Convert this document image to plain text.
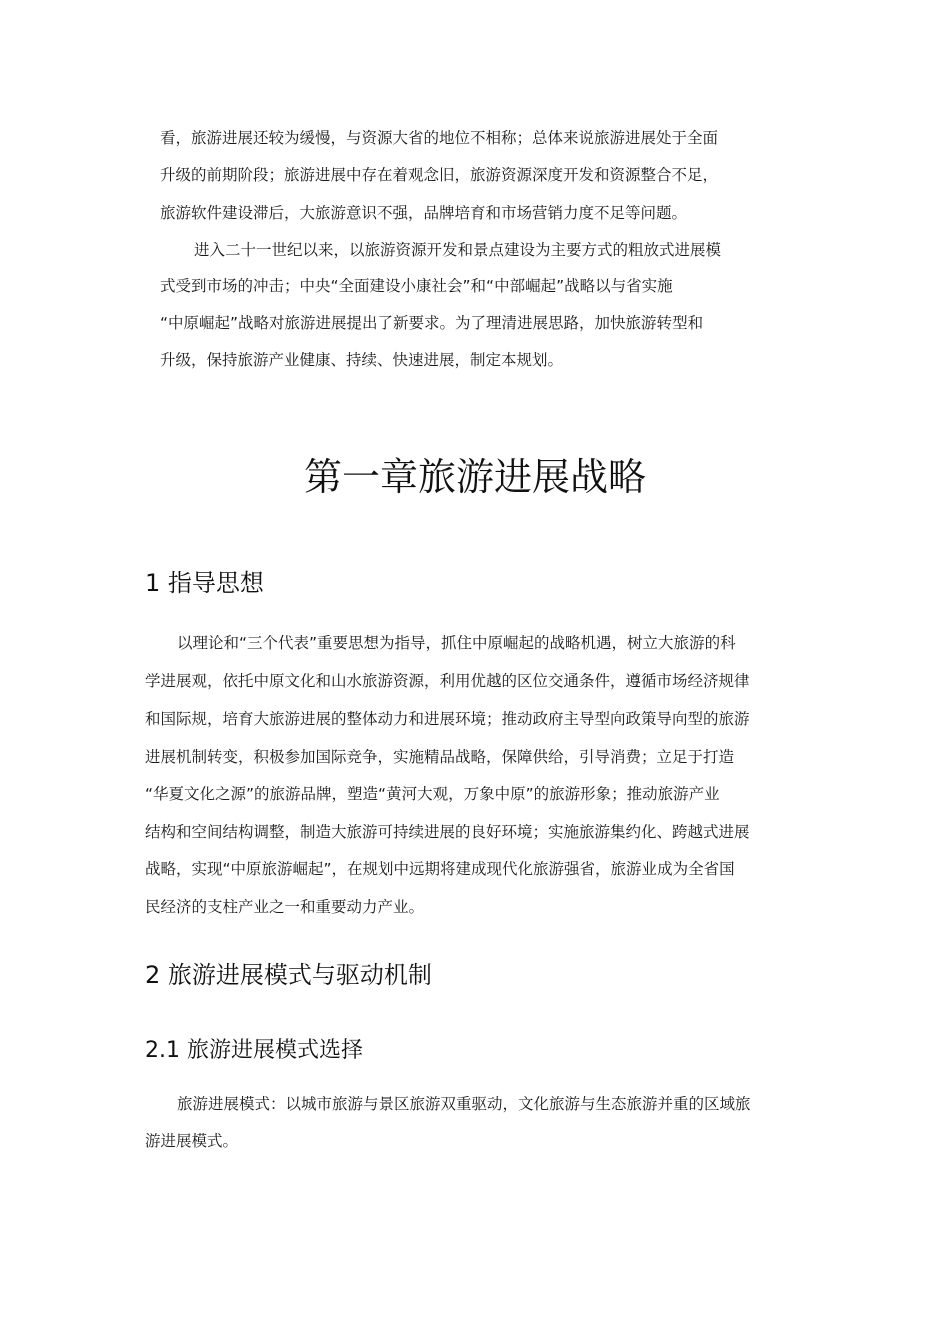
看，旅游进展还较为缓慢，与资源大省的地位不相称；总体来说旅游进展处于全面
升级的前期阶段；旅游进展中存在着观念旧，旅游资源深度开发和资源整合不足，
旅游软件建设滞后，大旅游意识不强，品牌培育和市场营销力度不足等问题。
进入二十一世纪以来，以旅游资源开发和景点建设为主要方式的粗放式进展模
式受到市场的冲击；中央“全面建设小康社会”和“中部崛起”战略以与省实施
“中原崛起”战略对旅游进展提出了新要求。为了理清进展思路，加快旅游转型和
升级，保持旅游产业健康、持续、快速进展，制定本规划。
第一章旅游进展战略
1 指导思想
以理论和“三个代表”重要思想为指导，抓住中原崛起的战略机遇，树立大旅游的科
学进展观，依托中原文化和山水旅游资源，利用优越的区位交通条件，遵循市场经济规律
和国际规，培育大旅游进展的整体动力和进展环境；推动政府主导型向政策导向型的旅游
进展机制转变，积极参加国际竞争，实施精品战略，保障供给，引导消费；立足于打造
“华夏文化之源”的旅游品牌，塑造“黄河大观，万象中原”的旅游形象；推动旅游产业
结构和空间结构调整，制造大旅游可持续进展的良好环境；实施旅游集约化、跨越式进展
战略，实现“中原旅游崛起”，在规划中远期将建成现代化旅游强省，旅游业成为全省国
民经济的支柱产业之一和重要动力产业。
2 旅游进展模式与驱动机制
2.1 旅游进展模式选择
旅游进展模式：以城市旅游与景区旅游双重驱动，文化旅游与生态旅游并重的区域旅
游进展模式。
